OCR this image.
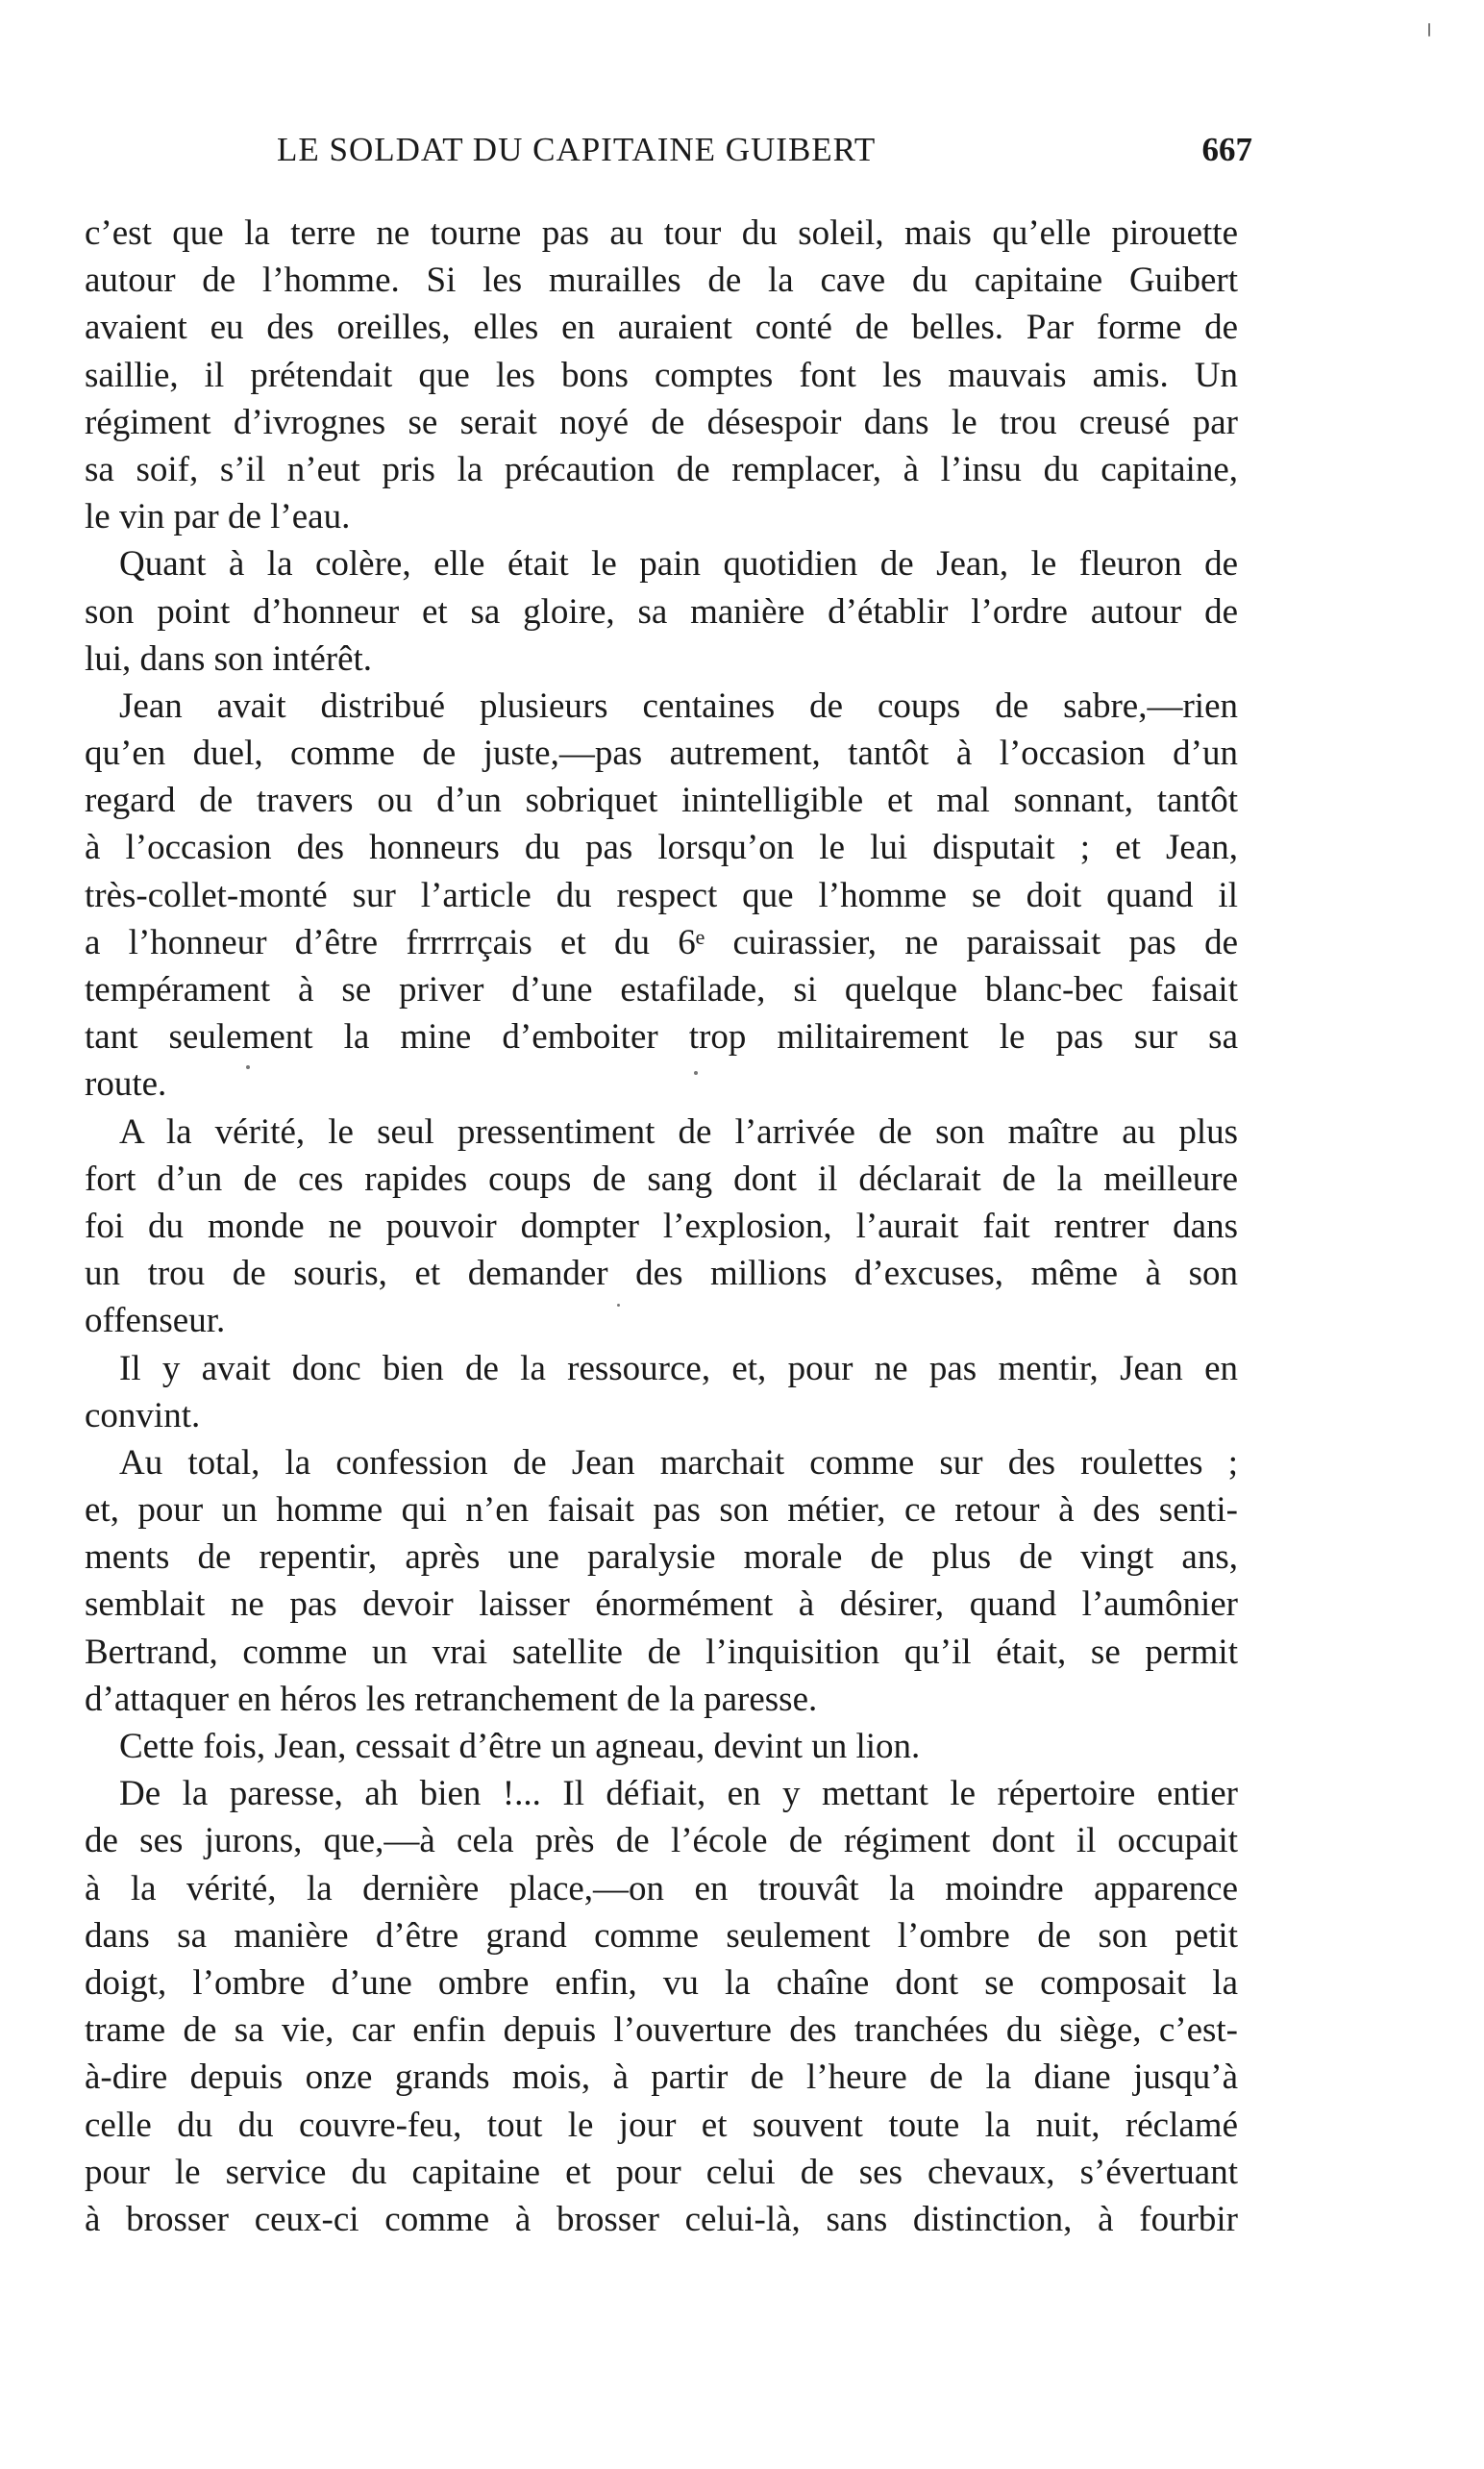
LE SOLDAT DU CAPITAINE GUIBERT	667
c’est que la terre ne tourne pas au tour du soleil, mais qu’elle pirouette
autour de l’homme. Si les murailles de la cave du capitaine Guibert
avaient eu des oreilles, elles en auraient conté de belles. Par forme de
saillie, il prétendait que les bons comptes font les mauvais amis. Un
régiment d’ivrognes se serait noyé de désespoir dans le trou creusé par
sa soif, s’il n’eut pris la précaution de remplacer, à l’insu du capitaine,
le vin par de l’eau.
Quant à la colère, elle était le pain quotidien de Jean, le fleuron de
son point d’honneur et sa gloire, sa manière d’établir l’ordre autour de
lui, dans son intérêt.
Jean avait distribué plusieurs centaines de coups de sabre,—rien
qu’en duel, comme de juste,—pas autrement, tantôt à l’occasion d’un
regard de travers ou d’un sobriquet inintelligible et mal sonnant, tantôt
à l’occasion des honneurs du pas lorsqu’on le lui disputait ; et Jean,
très-collet-monté sur l’article du respect que l’homme se doit quand il
a l’honneur d’être frrrrrçais et du 6ᵉ cuirassier, ne paraissait pas de
tempérament à se priver d’une estafilade, si quelque blanc-bec faisait
tant seulement la mine d’emboiter trop militairement le pas sur sa
route.
A la vérité, le seul pressentiment de l’arrivée de son maître au plus
fort d’un de ces rapides coups de sang dont il déclarait de la meilleure
foi du monde ne pouvoir dompter l’explosion, l’aurait fait rentrer dans
un trou de souris, et demander des millions d’excuses, même à son
offenseur.
Il y avait donc bien de la ressource, et, pour ne pas mentir, Jean en
convint.
Au total, la confession de Jean marchait comme sur des roulettes ;
et, pour un homme qui n’en faisait pas son métier, ce retour à des senti-
ments de repentir, après une paralysie morale de plus de vingt ans,
semblait ne pas devoir laisser énormément à désirer, quand l’aumônier
Bertrand, comme un vrai satellite de l’inquisition qu’il était, se permit
d’attaquer en héros les retranchement de la paresse.
Cette fois, Jean, cessait d’être un agneau, devint un lion.
De la paresse, ah bien !... Il défiait, en y mettant le répertoire entier
de ses jurons, que,—à cela près de l’école de régiment dont il occupait
à la vérité, la dernière place,—on en trouvât la moindre apparence
dans sa manière d’être grand comme seulement l’ombre de son petit
doigt, l’ombre d’une ombre enfin, vu la chaîne dont se composait la
trame de sa vie, car enfin depuis l’ouverture des tranchées du siège, c’est-
à-dire depuis onze grands mois, à partir de l’heure de la diane jusqu’à
celle du du couvre-feu, tout le jour et souvent toute la nuit, réclamé
pour le service du capitaine et pour celui de ses chevaux, s’évertuant
à brosser ceux-ci comme à brosser celui-là, sans distinction, à fourbir
